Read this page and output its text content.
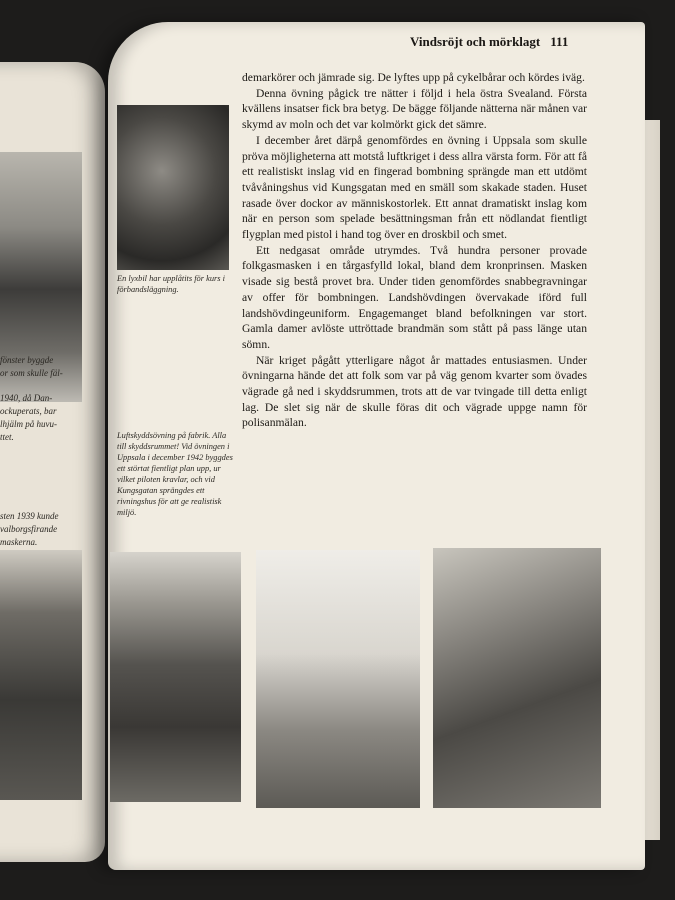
fönster byggde
or som skulle fäl-
1940, då Dan-
ockuperats, bar
lhjälm på huvu-
ttet.
sten 1939 kunde
valborgsfirande
maskerna.
Vindsröjt och mörklagt 111
En lyxbil har upplåtits för kurs i förbandsläggning.
Luftskyddsövning på fabrik. Alla till skyddsrummet! Vid övningen i Uppsala i december 1942 byggdes ett störtat fientligt plan upp, ur vilket piloten kravlar, och vid Kungsgatan sprängdes ett rivningshus för att ge realistisk miljö.

demarkörer och jämrade sig. De lyftes upp på cykelbårar och kördes iväg.

Denna övning pågick tre nätter i följd i hela östra Svealand. Första kvällens insatser fick bra betyg. De bägge följande nätterna när månen var skymd av moln och det var kolmörkt gick det sämre.

I december året därpå genomfördes en övning i Uppsala som skulle pröva möjligheterna att motstå luftkriget i dess allra värsta form. För att få ett realistiskt inslag vid en fingerad bombning sprängde man ett utdömt tvåvåningshus vid Kungsgatan med en smäll som skakade staden. Huset rasade över dockor av människostorlek. Ett annat dramatiskt inslag kom när en person som spelade besättningsman från ett nödlandat fientligt flygplan med pistol i hand tog över en droskbil och smet.

Ett nedgasat område utrymdes. Två hundra personer provade folkgasmasken i en tårgasfylld lokal, bland dem kronprinsen. Masken visade sig bestå provet bra. Under tiden genomfördes snabbegravningar av offer för bombningen. Landshövdingen övervakade iförd full landshövdingeuniform. Engagemanget bland befolkningen var stort. Gamla damer avlöste uttröttade brandmän som stått på pass länge utan sömn.

När kriget pågått ytterligare något år mattades entusiasmen. Under övningarna hände det att folk som var på väg genom kvarter som övades vägrade gå ned i skyddsrummen, trots att de var tvingade till detta enligt lag. De slet sig när de skulle föras dit och vägrade uppge namn för polisanmälan.
